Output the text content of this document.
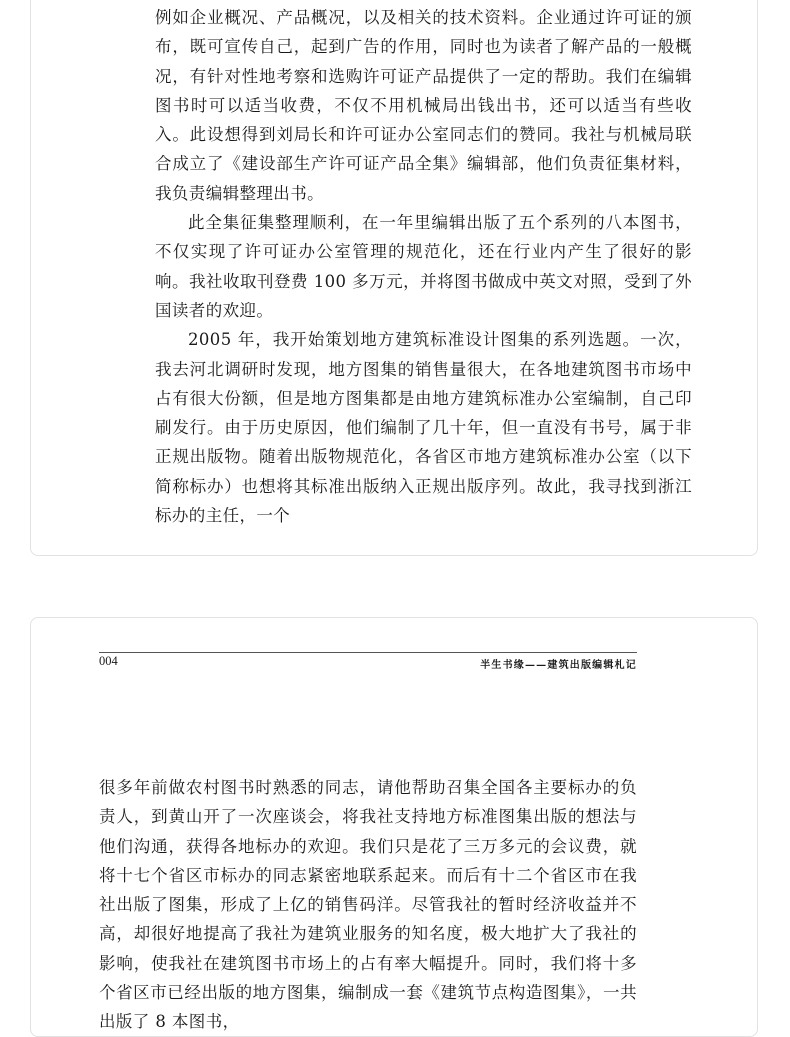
例如企业概况、产品概况，以及相关的技术资料。企业通过许可证的颁布，既可宣传自己，起到广告的作用，同时也为读者了解产品的一般概况，有针对性地考察和选购许可证产品提供了一定的帮助。我们在编辑图书时可以适当收费，不仅不用机械局出钱出书，还可以适当有些收入。此设想得到刘局长和许可证办公室同志们的赞同。我社与机械局联合成立了《建设部生产许可证产品全集》编辑部，他们负责征集材料，我负责编辑整理出书。

此全集征集整理顺利，在一年里编辑出版了五个系列的八本图书，不仅实现了许可证办公室管理的规范化，还在行业内产生了很好的影响。我社收取刊登费 100 多万元，并将图书做成中英文对照，受到了外国读者的欢迎。

2005 年，我开始策划地方建筑标准设计图集的系列选题。一次，我去河北调研时发现，地方图集的销售量很大，在各地建筑图书市场中占有很大份额，但是地方图集都是由地方建筑标准办公室编制，自己印刷发行。由于历史原因，他们编制了几十年，但一直没有书号，属于非正规出版物。随着出版物规范化，各省区市地方建筑标准办公室（以下简称标办）也想将其标准出版纳入正规出版序列。故此，我寻找到浙江标办的主任，一个

004	半生书缘——建筑出版编辑札记

很多年前做农村图书时熟悉的同志，请他帮助召集全国各主要标办的负责人，到黄山开了一次座谈会，将我社支持地方标准图集出版的想法与他们沟通，获得各地标办的欢迎。我们只是花了三万多元的会议费，就将十七个省区市标办的同志紧密地联系起来。而后有十二个省区市在我社出版了图集，形成了上亿的销售码洋。尽管我社的暂时经济收益并不高，却很好地提高了我社为建筑业服务的知名度，极大地扩大了我社的影响，使我社在建筑图书市场上的占有率大幅提升。同时，我们将十多个省区市已经出版的地方图集，编制成一套《建筑节点构造图集》，一共出版了 8 本图书，
